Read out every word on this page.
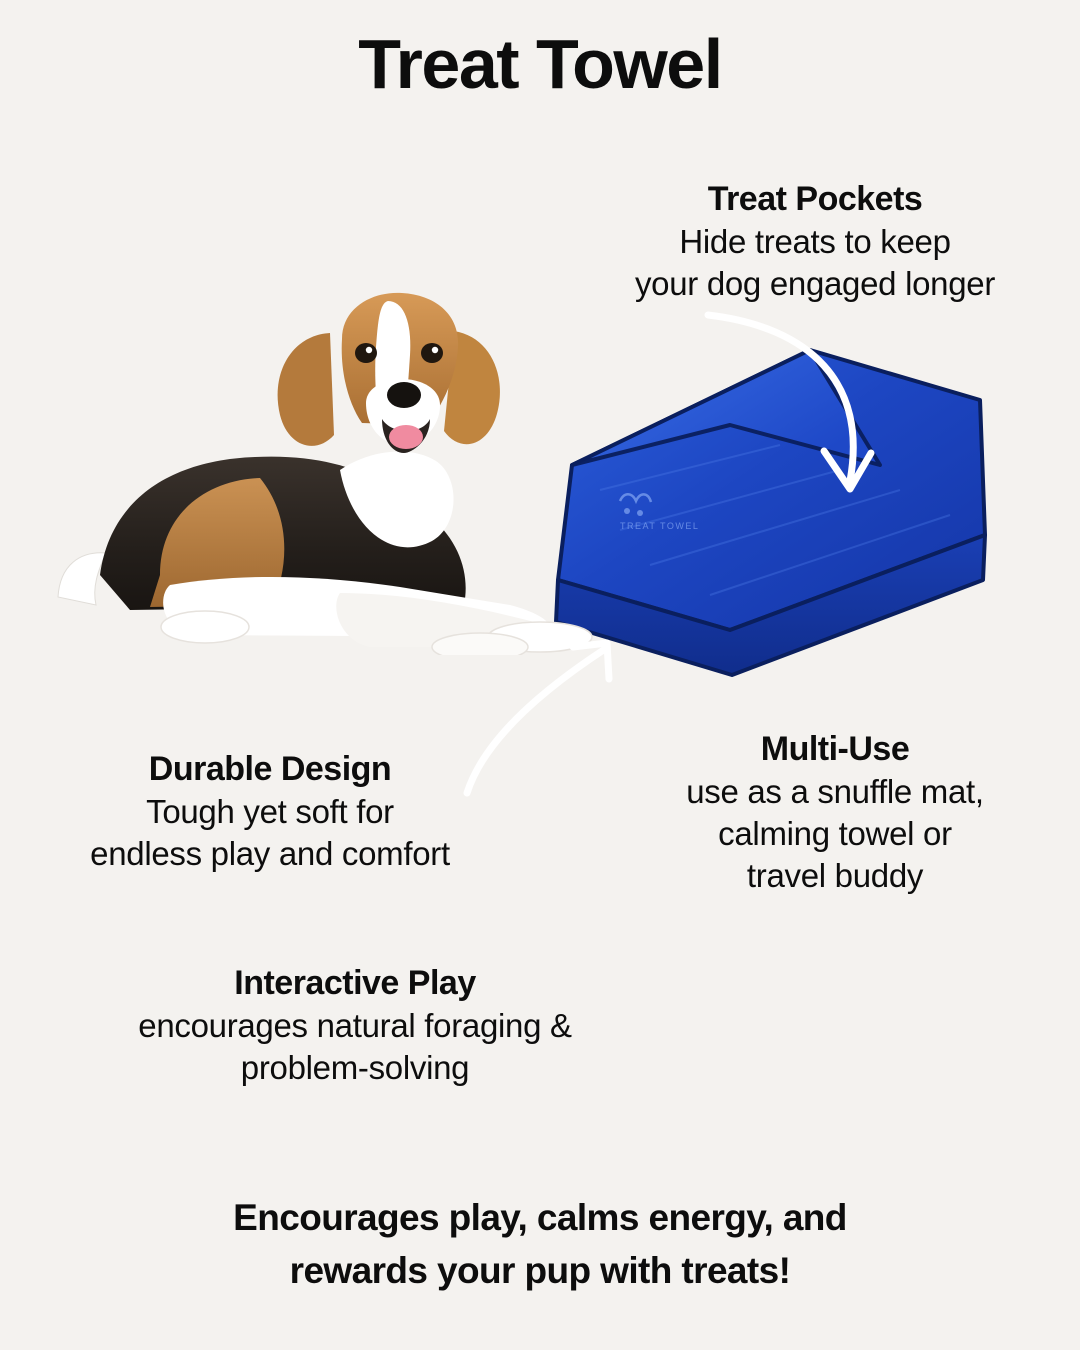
Treat Towel
TREAT TOWEL
Treat Pockets
Hide treats to keep
your dog engaged longer
Durable Design
Tough yet soft for
endless play and comfort
Multi-Use
use as a snuffle mat,
calming towel or
travel buddy
Interactive Play
encourages natural foraging &
problem-solving
Encourages play, calms energy, and
rewards your pup with treats!
